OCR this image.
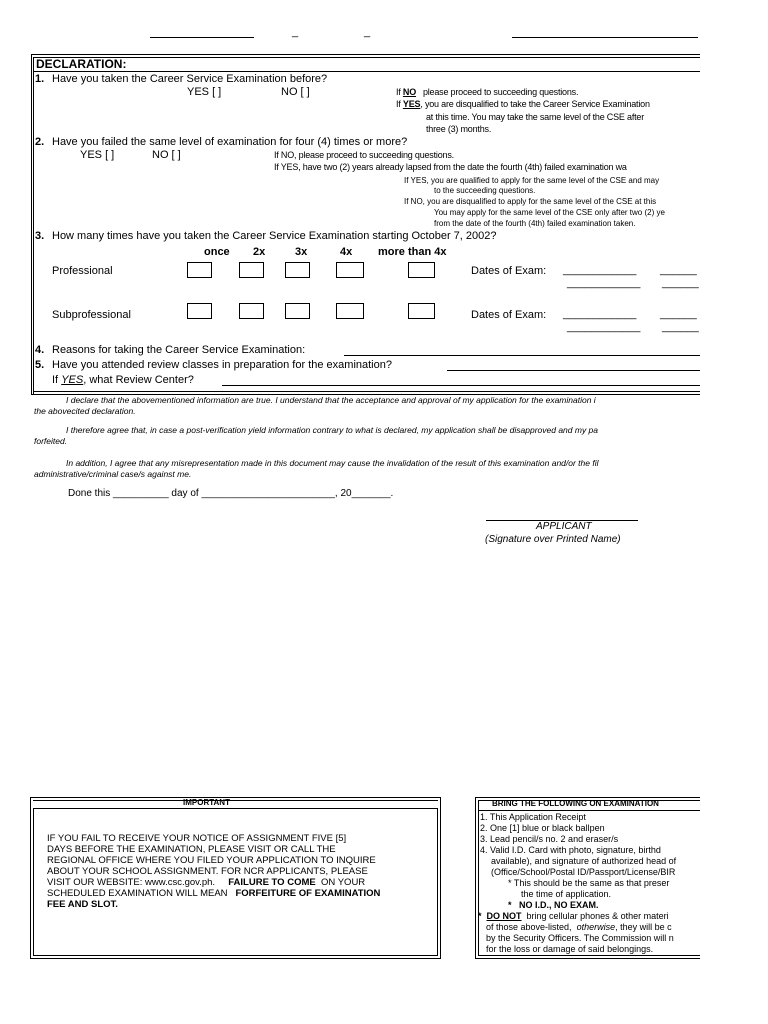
_	_
DECLARATION:
1. Have you taken the Career Service Examination before?
YES [ ]	NO [ ]	If NO please proceed to succeeding questions.
If YES, you are disqualified to take the Career Service Examination
at this time. You may take the same level of the CSE after
three (3) months.
2. Have you failed the same level of examination for four (4) times or more?
YES [ ]	NO [ ]	If NO, please proceed to succeeding questions.
If YES, have two (2) years already lapsed from the date the fourth (4th) failed examination wa
If YES, you are qualified to apply for the same level of the CSE and may
to the succeeding questions.
If NO, you are disqualified to apply for the same level of the CSE at this
You may apply for the same level of the CSE only after two (2) ye
from the date of the fourth (4th) failed examination taken.
3. How many times have you taken the Career Service Examination starting October 7, 2002?
once 2x	3x	4x more than 4x
Professional	Dates of Exam: ____________ ______
____________ ______
Subprofessional	Dates of Exam: ____________ ______
____________ ______
4. Reasons for taking the Career Service Examination:
5. Have you attended review classes in preparation for the examination?
If YES, what Review Center?
I declare that the abovementioned information are true. I understand that the acceptance and approval of my application for the examination i
the abovecited declaration.
I therefore agree that, in case a post-verification yield information contrary to what is declared, my application shall be disapproved and my pa
forfeited.
In addition, I agree that any misrepresentation made in this document may cause the invalidation of the result of this examination and/or the fil
administrative/criminal case/s against me.
Done this __________ day of ________________________, 20_______.
APPLICANT
(Signature over Printed Name)
IMPORTANT
IF YOU FAIL TO RECEIVE YOUR NOTICE OF ASSIGNMENT FIVE [5]
DAYS BEFORE THE EXAMINATION, PLEASE VISIT OR CALL THE
REGIONAL OFFICE WHERE YOU FILED YOUR APPLICATION TO INQUIRE
ABOUT YOUR SCHOOL ASSIGNMENT. FOR NCR APPLICANTS, PLEASE
VISIT OUR WEBSITE: www.csc.gov.ph. FAILURE TO COME ON YOUR
SCHEDULED EXAMINATION WILL MEAN FORFEITURE OF EXAMINATION
FEE AND SLOT.
BRING THE FOLLOWING ON EXAMINATION
1. This Application Receipt
2. One [1] blue or black ballpen
3. Lead pencil/s no. 2 and eraser/s
4. Valid I.D. Card with photo, signature, birthd
available), and signature of authorized head of
(Office/School/Postal ID/Passport/License/BIR
* This should be the same as that preser
the time of application.
*   NO I.D., NO EXAM.
* DO NOT bring cellular phones & other materi
of those above-listed, otherwise, they will be c
by the Security Officers. The Commission will n
for the loss or damage of said belongings.
